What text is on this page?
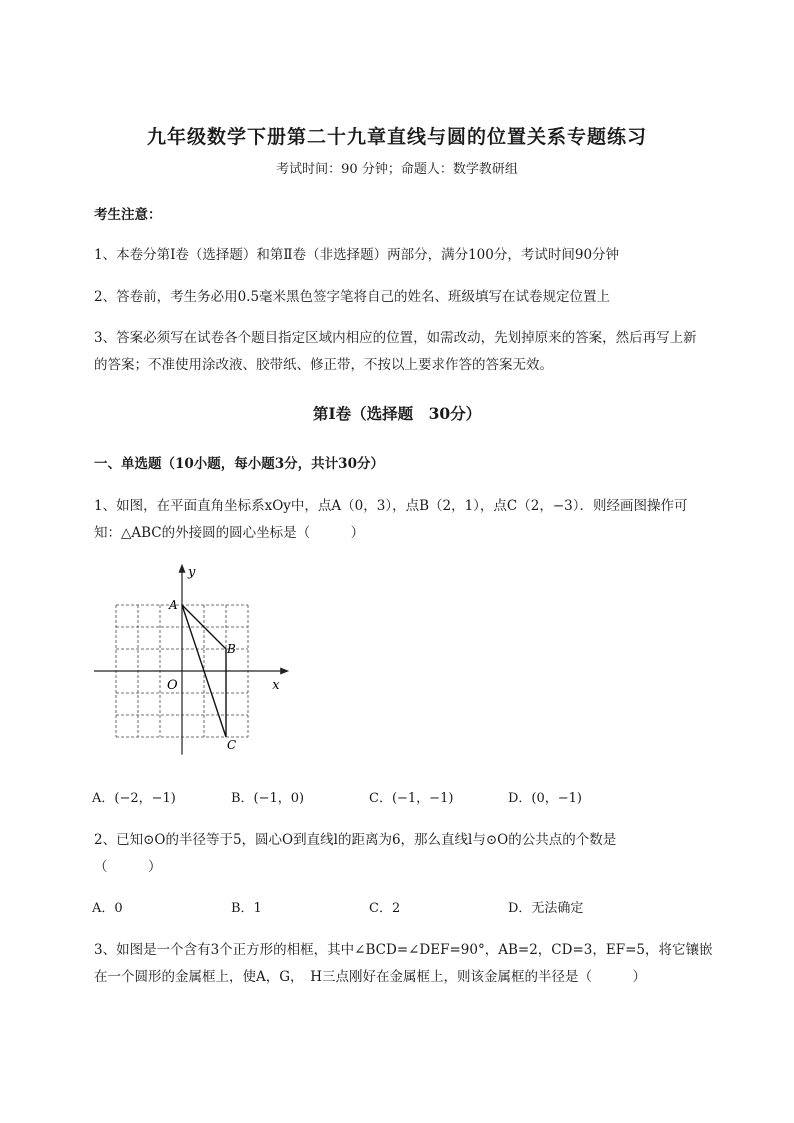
九年级数学下册第二十九章直线与圆的位置关系专题练习
考试时间：90 分钟；命题人：数学教研组
考生注意：
1、本卷分第Ⅰ卷（选择题）和第Ⅱ卷（非选择题）两部分，满分100分，考试时间90分钟
2、答卷前，考生务必用0.5毫米黑色签字笔将自己的姓名、班级填写在试卷规定位置上
3、答案必须写在试卷各个题目指定区域内相应的位置，如需改动，先划掉原来的答案，然后再写上新
的答案；不准使用涂改液、胶带纸、修正带，不按以上要求作答的答案无效。
第Ⅰ卷（选择题　30分）
一、单选题（10小题，每小题3分，共计30分）
1、如图，在平面直角坐标系xOy中，点A（0，3），点B（2，1），点C（2，−3）．则经画图操作可
知：△ABC的外接圆的圆心坐标是（　　　）
y
x
O
A
B
C
A．(−2，−1)	B．(−1，0)	C．(−1，−1)	D．(0，−1)
2、已知⊙O的半径等于5，圆心O到直线l的距离为6，那么直线l与⊙O的公共点的个数是
（　　　）
A．0	B．1	C．2	D．无法确定
3、如图是一个含有3个正方形的相框，其中∠BCD=∠DEF=90°，AB=2，CD=3，EF=5，将它镶嵌
在一个圆形的金属框上，使A，G，　H三点刚好在金属框上，则该金属框的半径是（　　　）
